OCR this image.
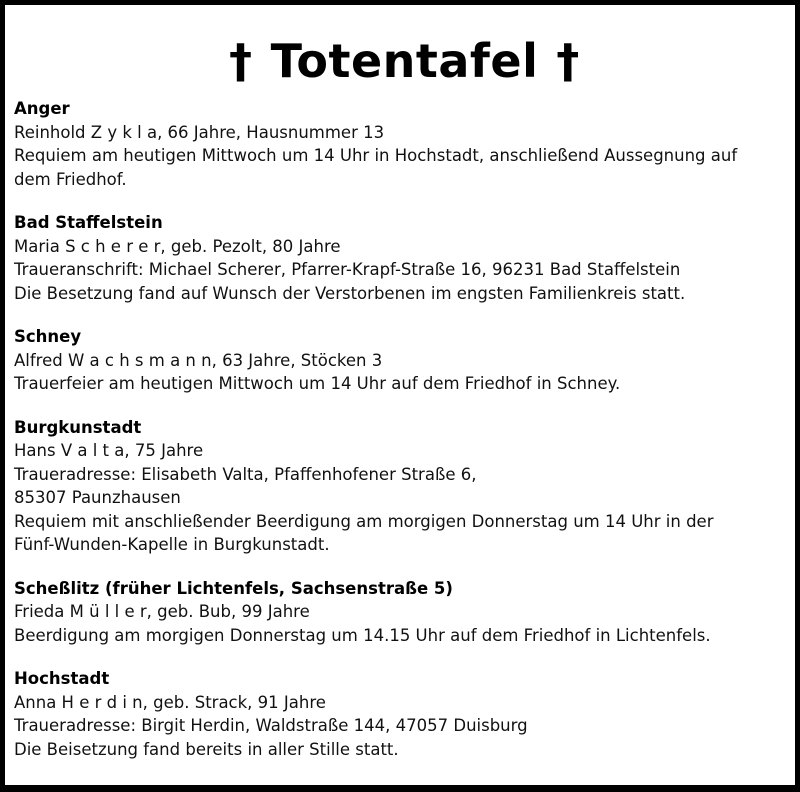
† Totentafel †
Anger
Reinhold Z y k l a, 66 Jahre, Hausnummer 13
Requiem am heutigen Mittwoch um 14 Uhr in Hochstadt, anschließend Aussegnung auf
dem Friedhof.
Bad Staffelstein
Maria S c h e r e r, geb. Pezolt, 80 Jahre
Traueranschrift: Michael Scherer, Pfarrer-Krapf-Straße 16, 96231 Bad Staffelstein
Die Besetzung fand auf Wunsch der Verstorbenen im engsten Familienkreis statt.
Schney
Alfred W a c h s m a n n, 63 Jahre, Stöcken 3
Trauerfeier am heutigen Mittwoch um 14 Uhr auf dem Friedhof in Schney.
Burgkunstadt
Hans V a l t a, 75 Jahre
Traueradresse: Elisabeth Valta, Pfaffenhofener Straße 6,
85307 Paunzhausen
Requiem mit anschließender Beerdigung am morgigen Donnerstag um 14 Uhr in der
Fünf-Wunden-Kapelle in Burgkunstadt.
Scheßlitz (früher Lichtenfels, Sachsenstraße 5)
Frieda M ü l l e r, geb. Bub, 99 Jahre
Beerdigung am morgigen Donnerstag um 14.15 Uhr auf dem Friedhof in Lichtenfels.
Hochstadt
Anna H e r d i n, geb. Strack, 91 Jahre
Traueradresse: Birgit Herdin, Waldstraße 144, 47057 Duisburg
Die Beisetzung fand bereits in aller Stille statt.
